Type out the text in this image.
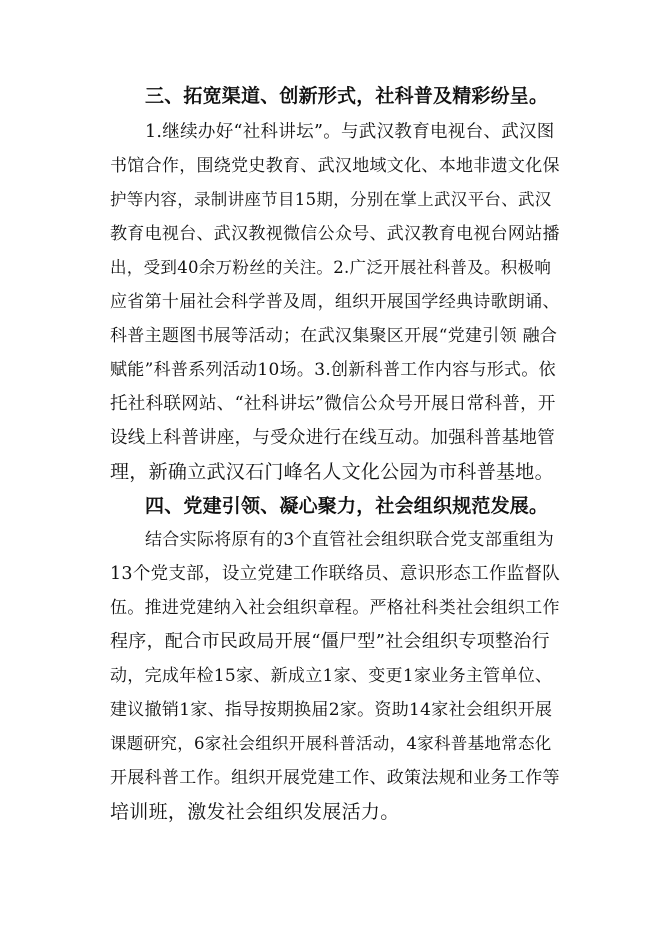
三、拓宽渠道、创新形式，社科普及精彩纷呈。
1.继续办好“社科讲坛”。与武汉教育电视台、武汉图
书馆合作，围绕党史教育、武汉地域文化、本地非遗文化保
护等内容，录制讲座节目15期，分别在掌上武汉平台、武汉
教育电视台、武汉教视微信公众号、武汉教育电视台网站播
出，受到40余万粉丝的关注。2.广泛开展社科普及。积极响
应省第十届社会科学普及周，组织开展国学经典诗歌朗诵、
科普主题图书展等活动；在武汉集聚区开展“党建引领 融合
赋能”科普系列活动10场。3.创新科普工作内容与形式。依
托社科联网站、“社科讲坛”微信公众号开展日常科普，开
设线上科普讲座，与受众进行在线互动。加强科普基地管
理，新确立武汉石门峰名人文化公园为市科普基地。
四、党建引领、凝心聚力，社会组织规范发展。
结合实际将原有的3个直管社会组织联合党支部重组为
13个党支部，设立党建工作联络员、意识形态工作监督队
伍。推进党建纳入社会组织章程。严格社科类社会组织工作
程序，配合市民政局开展“僵尸型”社会组织专项整治行
动，完成年检15家、新成立1家、变更1家业务主管单位、
建议撤销1家、指导按期换届2家。资助14家社会组织开展
课题研究，6家社会组织开展科普活动，4家科普基地常态化
开展科普工作。组织开展党建工作、政策法规和业务工作等
培训班，激发社会组织发展活力。
